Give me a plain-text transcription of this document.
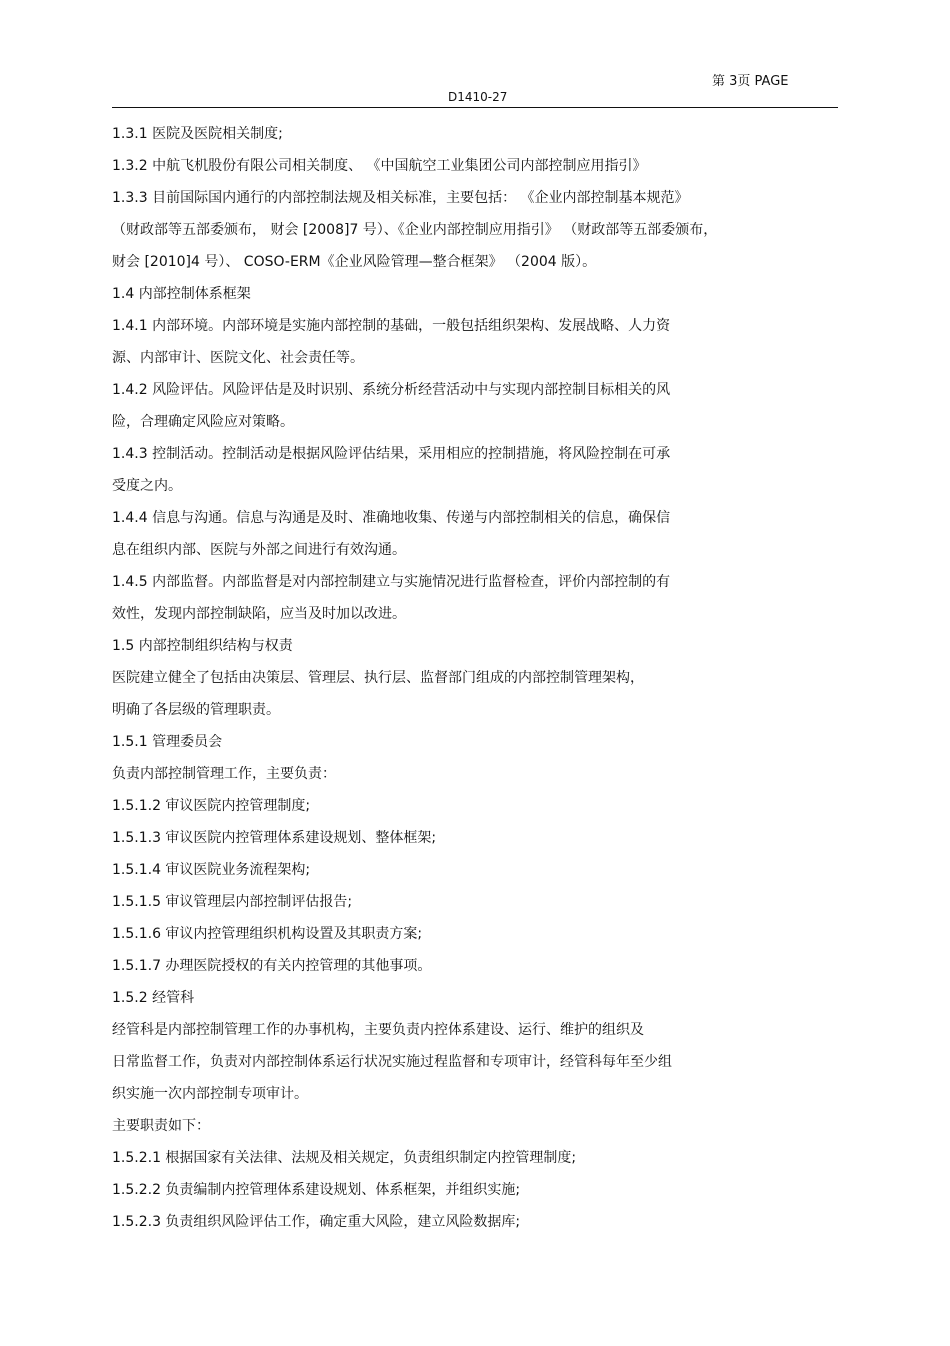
第 3页 PAGE
D1410-27
1.3.1 医院及医院相关制度;
1.3.2 中航飞机股份有限公司相关制度、 《中国航空工业集团公司内部控制应用指引》
1.3.3 目前国际国内通行的内部控制法规及相关标准，主要包括： 《企业内部控制基本规范》
（财政部等五部委颁布， 财会 [2008]7 号）、《企业内部控制应用指引》 （财政部等五部委颁布，
财会 [2010]4 号）、 COSO-ERM《企业风险管理—整合框架》 （2004 版）。
1.4 内部控制体系框架
1.4.1 内部环境。内部环境是实施内部控制的基础，一般包括组织架构、发展战略、人力资
源、内部审计、医院文化、社会责任等。
1.4.2 风险评估。风险评估是及时识别、系统分析经营活动中与实现内部控制目标相关的风
险，合理确定风险应对策略。
1.4.3 控制活动。控制活动是根据风险评估结果，采用相应的控制措施，将风险控制在可承
受度之内。
1.4.4 信息与沟通。信息与沟通是及时、准确地收集、传递与内部控制相关的信息，确保信
息在组织内部、医院与外部之间进行有效沟通。
1.4.5 内部监督。内部监督是对内部控制建立与实施情况进行监督检查，评价内部控制的有
效性，发现内部控制缺陷，应当及时加以改进。
1.5 内部控制组织结构与权责
医院建立健全了包括由决策层、管理层、执行层、监督部门组成的内部控制管理架构，
明确了各层级的管理职责。
1.5.1 管理委员会
负责内部控制管理工作，主要负责：
1.5.1.2 审议医院内控管理制度;
1.5.1.3 审议医院内控管理体系建设规划、整体框架;
1.5.1.4 审议医院业务流程架构;
1.5.1.5 审议管理层内部控制评估报告;
1.5.1.6 审议内控管理组织机构设置及其职责方案;
1.5.1.7 办理医院授权的有关内控管理的其他事项。
1.5.2 经管科
经管科是内部控制管理工作的办事机构，主要负责内控体系建设、运行、维护的组织及
日常监督工作，负责对内部控制体系运行状况实施过程监督和专项审计，经管科每年至少组
织实施一次内部控制专项审计。
主要职责如下：
1.5.2.1 根据国家有关法律、法规及相关规定，负责组织制定内控管理制度;
1.5.2.2 负责编制内控管理体系建设规划、体系框架，并组织实施;
1.5.2.3 负责组织风险评估工作，确定重大风险，建立风险数据库;
